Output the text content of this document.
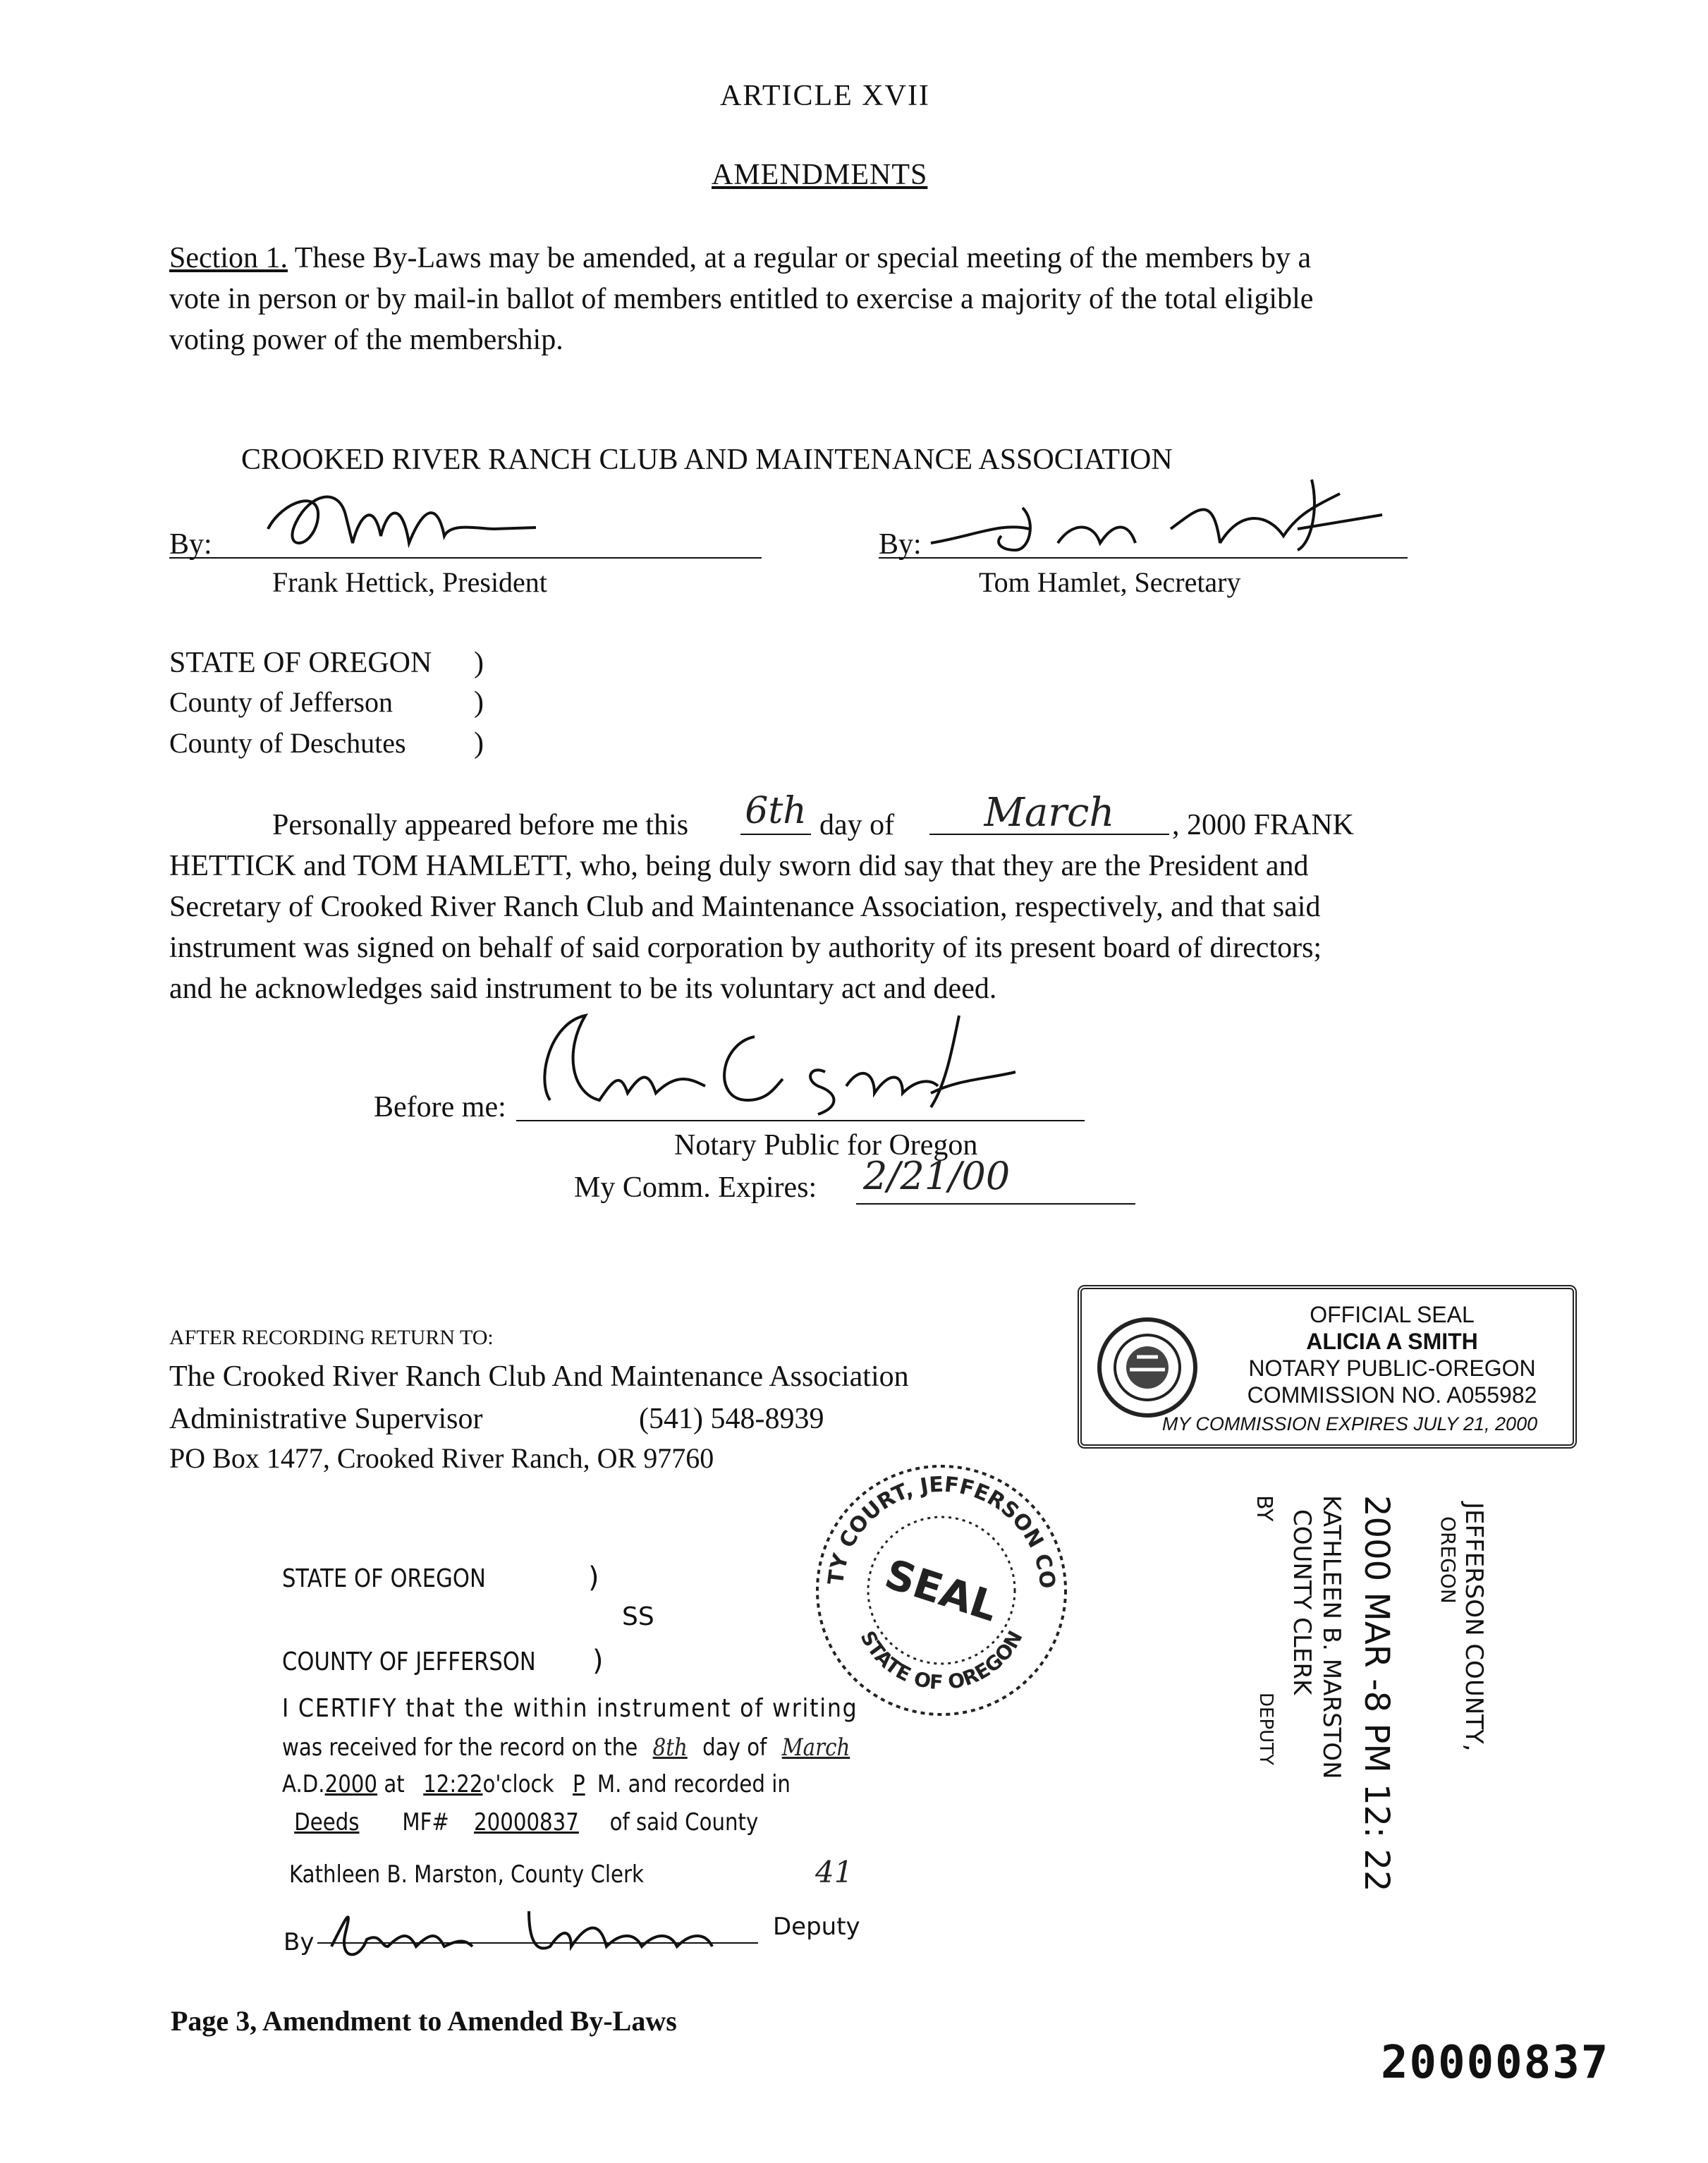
ARTICLE XVII
AMENDMENTS
Section 1. These By-Laws may be amended, at a regular or special meeting of the members by a
vote in person or by mail-in ballot of members entitled to exercise a majority of the total eligible
voting power of the membership.
CROOKED RIVER RANCH CLUB AND MAINTENANCE ASSOCIATION
By:
Frank Hettick, President
By:
Tom Hamlet, Secretary
STATE OF OREGON )
County of Jefferson	)
County of Deschutes )
Personally appeared before me this 6th day of	March	, 2000 FRANK
HETTICK and TOM HAMLETT, who, being duly sworn did say that they are the President and
Secretary of Crooked River Ranch Club and Maintenance Association, respectively, and that said
instrument was signed on behalf of said corporation by authority of its present board of directors;
and he acknowledges said instrument to be its voluntary act and deed.
Before me:
Notary Public for Oregon
My Comm. Expires: 2/21/00
OFFICIAL SEAL
ALICIA A SMITH
NOTARY PUBLIC-OREGON
COMMISSION NO. A055982
MY COMMISSION EXPIRES JULY 21, 2000
AFTER RECORDING RETURN TO:
The Crooked River Ranch Club And Maintenance Association
Administrative Supervisor	(541) 548-8939
PO Box 1477, Crooked River Ranch, OR 97760	COUNTY COURT, JEFFERSON COUNTY
STATE OF OREGON
SEAL
STATE OF OREGON	)
SS
COUNTY OF JEFFERSON )
I CERTIFY that the within instrument of writing
was received for the record on the 8th day of March
A.D.2000 at 12:22o'clock P M. and recorded in
Deeds MF# 20000837 of said County
Kathleen B. Marston, County Clerk	41
By
Deputy
JEFFERSON COUNTY,
OREGON
2000 MAR -8 PM 12: 22
KATHLEEN B. MARSTON
COUNTY CLERK
BY
DEPUTY
Page 3, Amendment to Amended By-Laws
20000837
